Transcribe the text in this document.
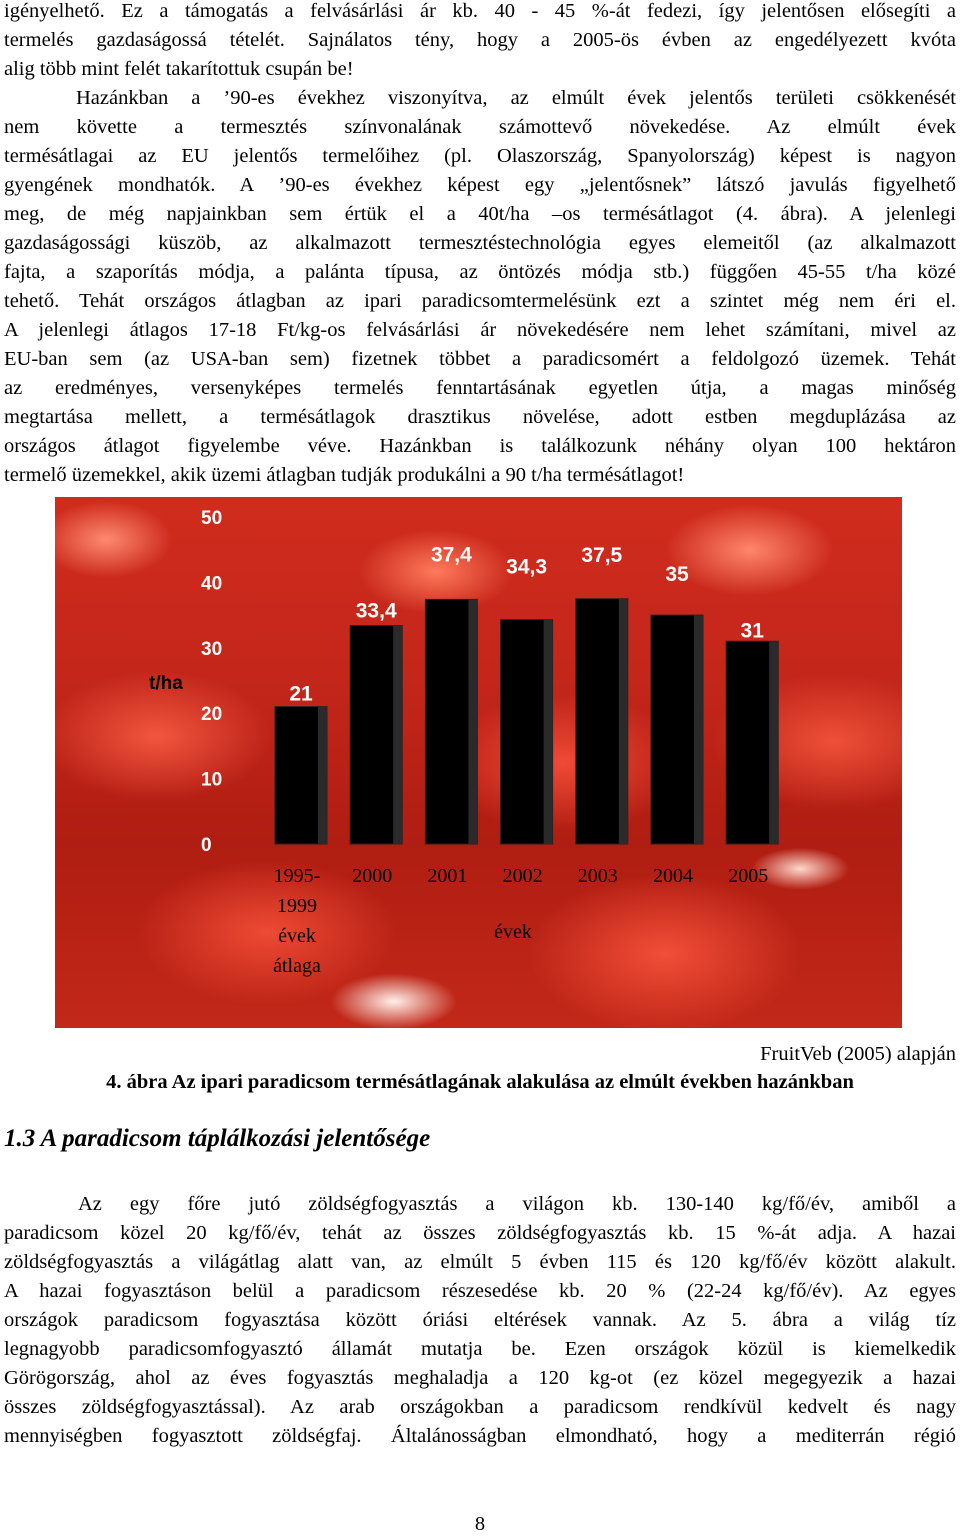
igényelhető. Ez a támogatás a felvásárlási ár kb. 40 - 45 %-át fedezi, így jelentősen elősegíti a
termelés gazdaságossá tételét. Sajnálatos tény, hogy a 2005-ös évben az engedélyezett kvóta
alig több mint felét takarítottuk csupán be!
Hazánkban a ’90-es évekhez viszonyítva, az elmúlt évek jelentős területi csökkenését
nem követte a termesztés színvonalának számottevő növekedése. Az elmúlt évek
termésátlagai az EU jelentős termelőihez (pl. Olaszország, Spanyolország) képest is nagyon
gyengének mondhatók. A ’90-es évekhez képest egy „jelentősnek” látszó javulás figyelhető
meg, de még napjainkban sem értük el a 40t/ha –os termésátlagot (4. ábra). A jelenlegi
gazdaságossági küszöb, az alkalmazott termesztéstechnológia egyes elemeitől (az alkalmazott
fajta, a szaporítás módja, a palánta típusa, az öntözés módja stb.) függően 45-55 t/ha közé
tehető. Tehát országos átlagban az ipari paradicsomtermelésünk ezt a szintet még nem éri el.
A jelenlegi átlagos 17-18 Ft/kg-os felvásárlási ár növekedésére nem lehet számítani, mivel az
EU-ban sem (az USA-ban sem) fizetnek többet a paradicsomért a feldolgozó üzemek. Tehát
az eredményes, versenyképes termelés fenntartásának egyetlen útja, a magas minőség
megtartása mellett, a termésátlagok drasztikus növelése, adott estben megduplázása az
országos átlagot figyelembe véve. Hazánkban is találkozunk néhány olyan 100 hektáron
termelő üzemekkel, akik üzemi átlagban tudják produkálni a 90 t/ha termésátlagot!
0
10
20
30
40
50
21
33,4
37,4
34,3
37,5
35
31
1995-1999 évek átlaga
2000 2001 2002 2003 2004 2005
t/ha
évek
FruitVeb (2005) alapján
4. ábra Az ipari paradicsom termésátlagának alakulása az elmúlt években hazánkban
1.3 A paradicsom táplálkozási jelentősége
Az egy főre jutó zöldségfogyasztás a világon kb. 130-140 kg/fő/év, amiből a
paradicsom közel 20 kg/fő/év, tehát az összes zöldségfogyasztás kb. 15 %-át adja. A hazai
zöldségfogyasztás a világátlag alatt van, az elmúlt 5 évben 115 és 120 kg/fő/év között alakult.
A hazai fogyasztáson belül a paradicsom részesedése kb. 20 % (22-24 kg/fő/év). Az egyes
országok paradicsom fogyasztása között óriási eltérések vannak. Az 5. ábra a világ tíz
legnagyobb paradicsomfogyasztó államát mutatja be. Ezen országok közül is kiemelkedik
Görögország, ahol az éves fogyasztás meghaladja a 120 kg-ot (ez közel megegyezik a hazai
összes zöldségfogyasztással). Az arab országokban a paradicsom rendkívül kedvelt és nagy
mennyiségben fogyasztott zöldségfaj. Általánosságban elmondható, hogy a mediterrán régió
8
